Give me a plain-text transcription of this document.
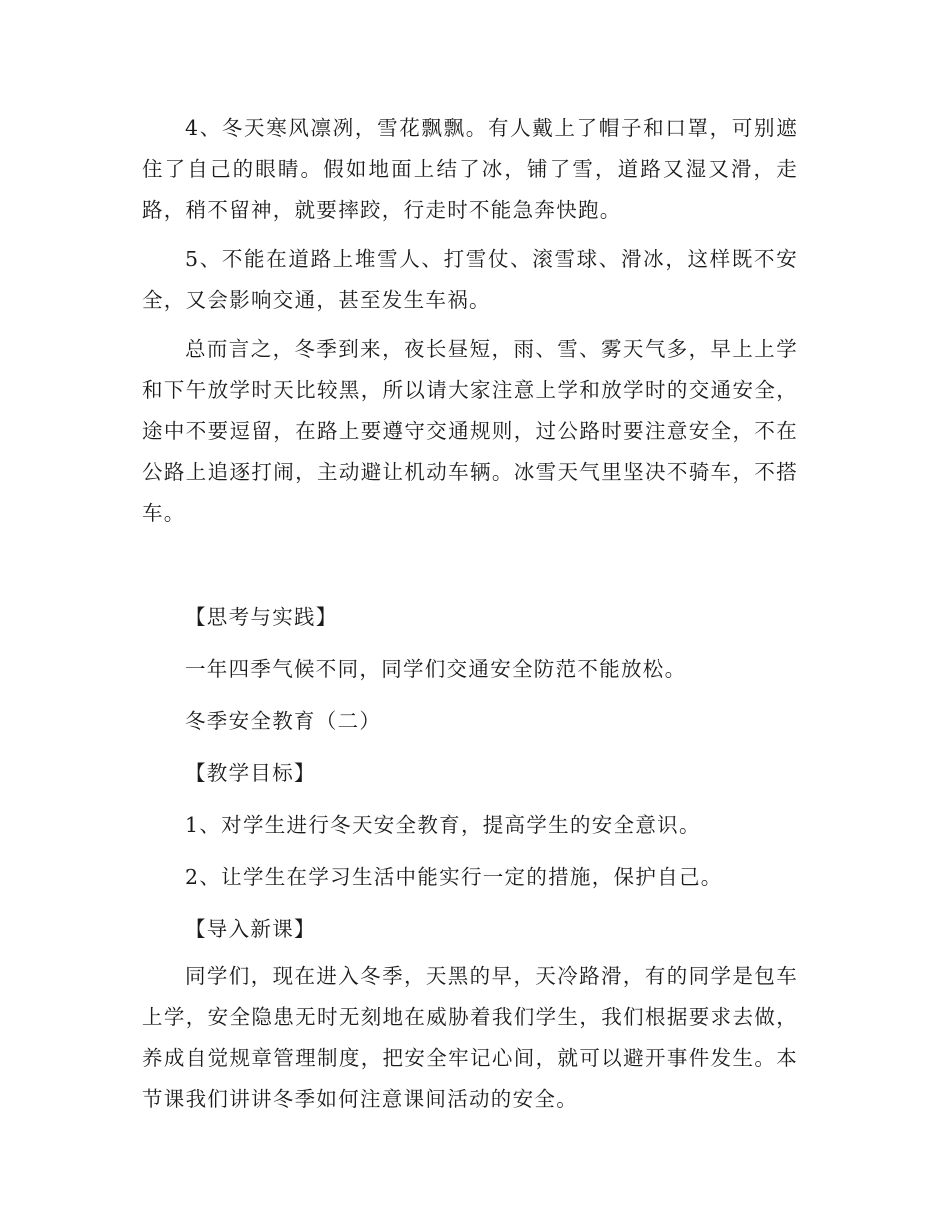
4、冬天寒风凛冽，雪花飘飘。有人戴上了帽子和口罩，可别遮住了自己的眼睛。假如地面上结了冰，铺了雪，道路又湿又滑，走路，稍不留神，就要摔跤，行走时不能急奔快跑。

5、不能在道路上堆雪人、打雪仗、滚雪球、滑冰，这样既不安全，又会影响交通，甚至发生车祸。

总而言之，冬季到来，夜长昼短，雨、雪、雾天气多，早上上学和下午放学时天比较黑，所以请大家注意上学和放学时的交通安全，途中不要逗留，在路上要遵守交通规则，过公路时要注意安全，不在公路上追逐打闹，主动避让机动车辆。冰雪天气里坚决不骑车，不搭车。

【思考与实践】

一年四季气候不同，同学们交通安全防范不能放松。

冬季安全教育（二）

【教学目标】

1、对学生进行冬天安全教育，提高学生的安全意识。

2、让学生在学习生活中能实行一定的措施，保护自己。

【导入新课】

同学们，现在进入冬季，天黑的早，天冷路滑，有的同学是包车上学，安全隐患无时无刻地在威胁着我们学生，我们根据要求去做，养成自觉规章管理制度，把安全牢记心间，就可以避开事件发生。本节课我们讲讲冬季如何注意课间活动的安全。
